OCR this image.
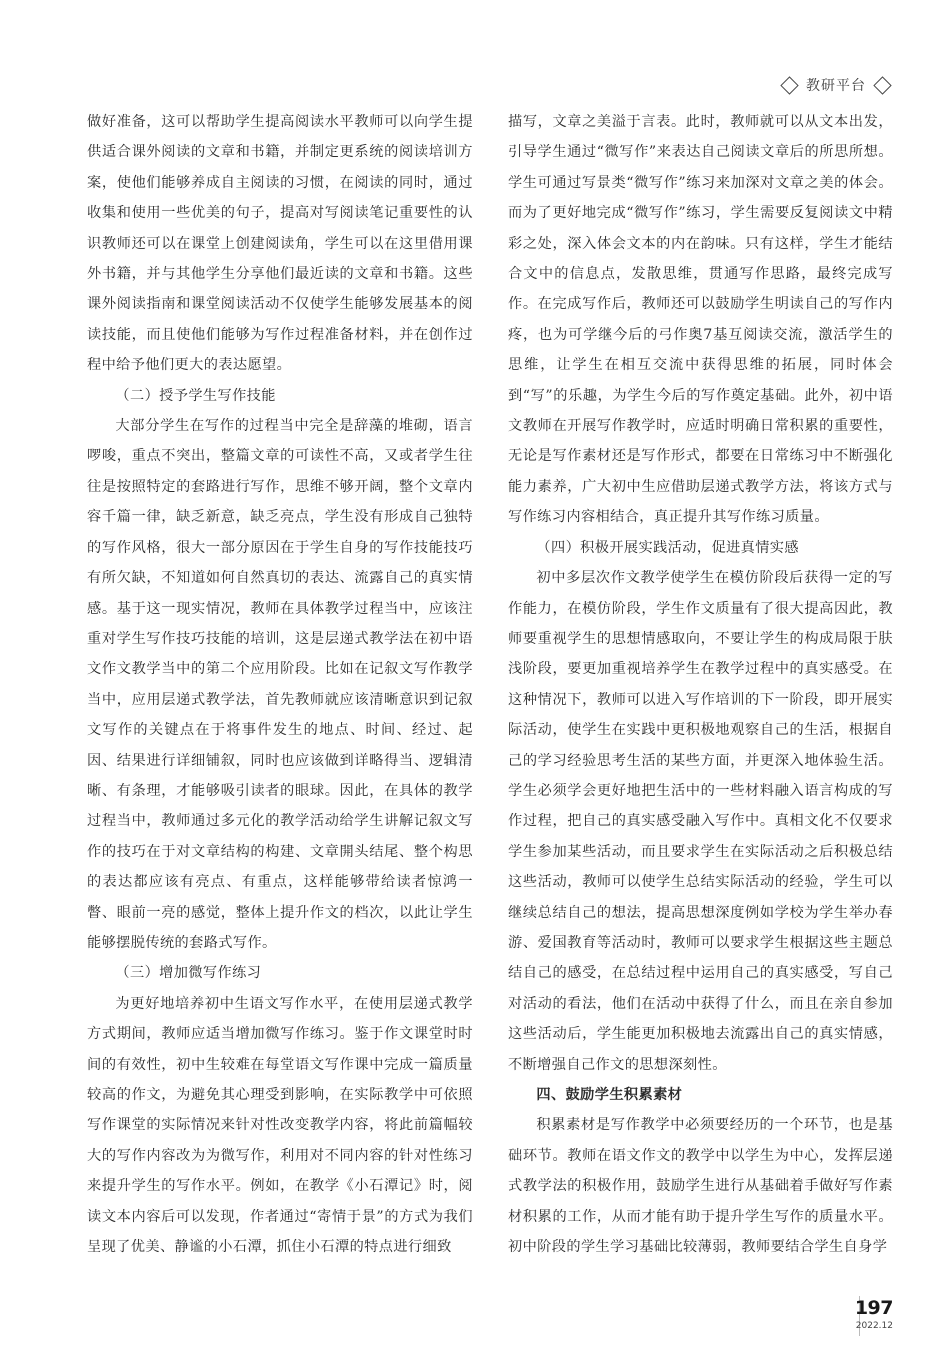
教研平台

做好准备，这可以帮助学生提高阅读水平教师可以向学生提供适合课外阅读的文章和书籍，并制定更系统的阅读培训方案，使他们能够养成自主阅读的习惯，在阅读的同时，通过收集和使用一些优美的句子，提高对写阅读笔记重要性的认识教师还可以在课堂上创建阅读角，学生可以在这里借用课外书籍，并与其他学生分享他们最近读的文章和书籍。这些课外阅读指南和课堂阅读活动不仅使学生能够发展基本的阅读技能，而且使他们能够为写作过程准备材料，并在创作过程中给予他们更大的表达愿望。

（二）授予学生写作技能

大部分学生在写作的过程当中完全是辞藻的堆砌，语言啰唆，重点不突出，整篇文章的可读性不高，又或者学生往往是按照特定的套路进行写作，思维不够开阔，整个文章内容千篇一律，缺乏新意，缺乏亮点，学生没有形成自己独特的写作风格，很大一部分原因在于学生自身的写作技能技巧有所欠缺，不知道如何自然真切的表达、流露自己的真实情感。基于这一现实情况，教师在具体教学过程当中，应该注重对学生写作技巧技能的培训，这是层递式教学法在初中语文作文教学当中的第二个应用阶段。比如在记叙文写作教学当中，应用层递式教学法，首先教师就应该清晰意识到记叙文写作的关键点在于将事件发生的地点、时间、经过、起因、结果进行详细铺叙，同时也应该做到详略得当、逻辑清晰、有条理，才能够吸引读者的眼球。因此，在具体的教学过程当中，教师通过多元化的教学活动给学生讲解记叙文写作的技巧在于对文章结构的构建、文章開头结尾、整个构思的表达都应该有亮点、有重点，这样能够带给读者惊鸿一瞥、眼前一亮的感觉，整体上提升作文的档次，以此让学生能够摆脱传统的套路式写作。

（三）增加微写作练习

为更好地培养初中生语文写作水平，在使用层递式教学方式期间，教师应适当增加微写作练习。鉴于作文课堂时时间的有效性，初中生较难在每堂语文写作课中完成一篇质量较高的作文，为避免其心理受到影响，在实际教学中可依照写作课堂的实际情况来针对性改变教学内容，将此前篇幅较大的写作内容改为为微写作，利用对不同内容的针对性练习来提升学生的写作水平。例如，在教学《小石潭记》时，阅读文本内容后可以发现，作者通过“寄情于景”的方式为我们呈现了优美、静谧的小石潭，抓住小石潭的特点进行细致

描写，文章之美溢于言表。此时，教师就可以从文本出发，引导学生通过“微写作”来表达自己阅读文章后的所思所想。学生可通过写景类“微写作”练习来加深对文章之美的体会。而为了更好地完成“微写作”练习，学生需要反复阅读文中精彩之处，深入体会文本的内在韵味。只有这样，学生才能结合文中的信息点，发散思维，贯通写作思路，最终完成写作。在完成写作后，教师还可以鼓励学生明读自己的写作内疼，也为可学继今后的弓作奥7基互阅读交流，激活学生的思维，让学生在相互交流中获得思维的拓展，同时体会到“写”的乐趣，为学生今后的写作奠定基础。此外，初中语文教师在开展写作教学时，应适时明确日常积累的重要性，无论是写作素材还是写作形式，都要在日常练习中不断强化能力素养，广大初中生应借助层递式教学方法，将该方式与写作练习内容相结合，真正提升其写作练习质量。

（四）积极开展实践活动，促进真情实感

初中多层次作文教学使学生在模仿阶段后获得一定的写作能力，在模仿阶段，学生作文质量有了很大提高因此，教师要重视学生的思想情感取向，不要让学生的构成局限于肤浅阶段，要更加重视培养学生在教学过程中的真实感受。在这种情况下，教师可以进入写作培训的下一阶段，即开展实际活动，使学生在实践中更积极地观察自己的生活，根据自己的学习经验思考生活的某些方面，并更深入地体验生活。学生必须学会更好地把生活中的一些材料融入语言构成的写作过程，把自己的真实感受融入写作中。真相文化不仅要求学生参加某些活动，而且要求学生在实际活动之后积极总结这些活动，教师可以使学生总结实际活动的经验，学生可以继续总结自己的想法，提高思想深度例如学校为学生举办春游、爱国教育等活动时，教师可以要求学生根据这些主题总结自己的感受，在总结过程中运用自己的真实感受，写自己对活动的看法，他们在活动中获得了什么，而且在亲自参加这些活动后，学生能更加积极地去流露出自己的真实情感，不断增强自己作文的思想深刻性。

四、鼓励学生积累素材

积累素材是写作教学中必须要经历的一个环节，也是基础环节。教师在语文作文的教学中以学生为中心，发挥层递式教学法的积极作用，鼓励学生进行从基础着手做好写作素材积累的工作，从而才能有助于提升学生写作的质量水平。初中阶段的学生学习基础比较薄弱，教师要结合学生自身学

197
2022.12
